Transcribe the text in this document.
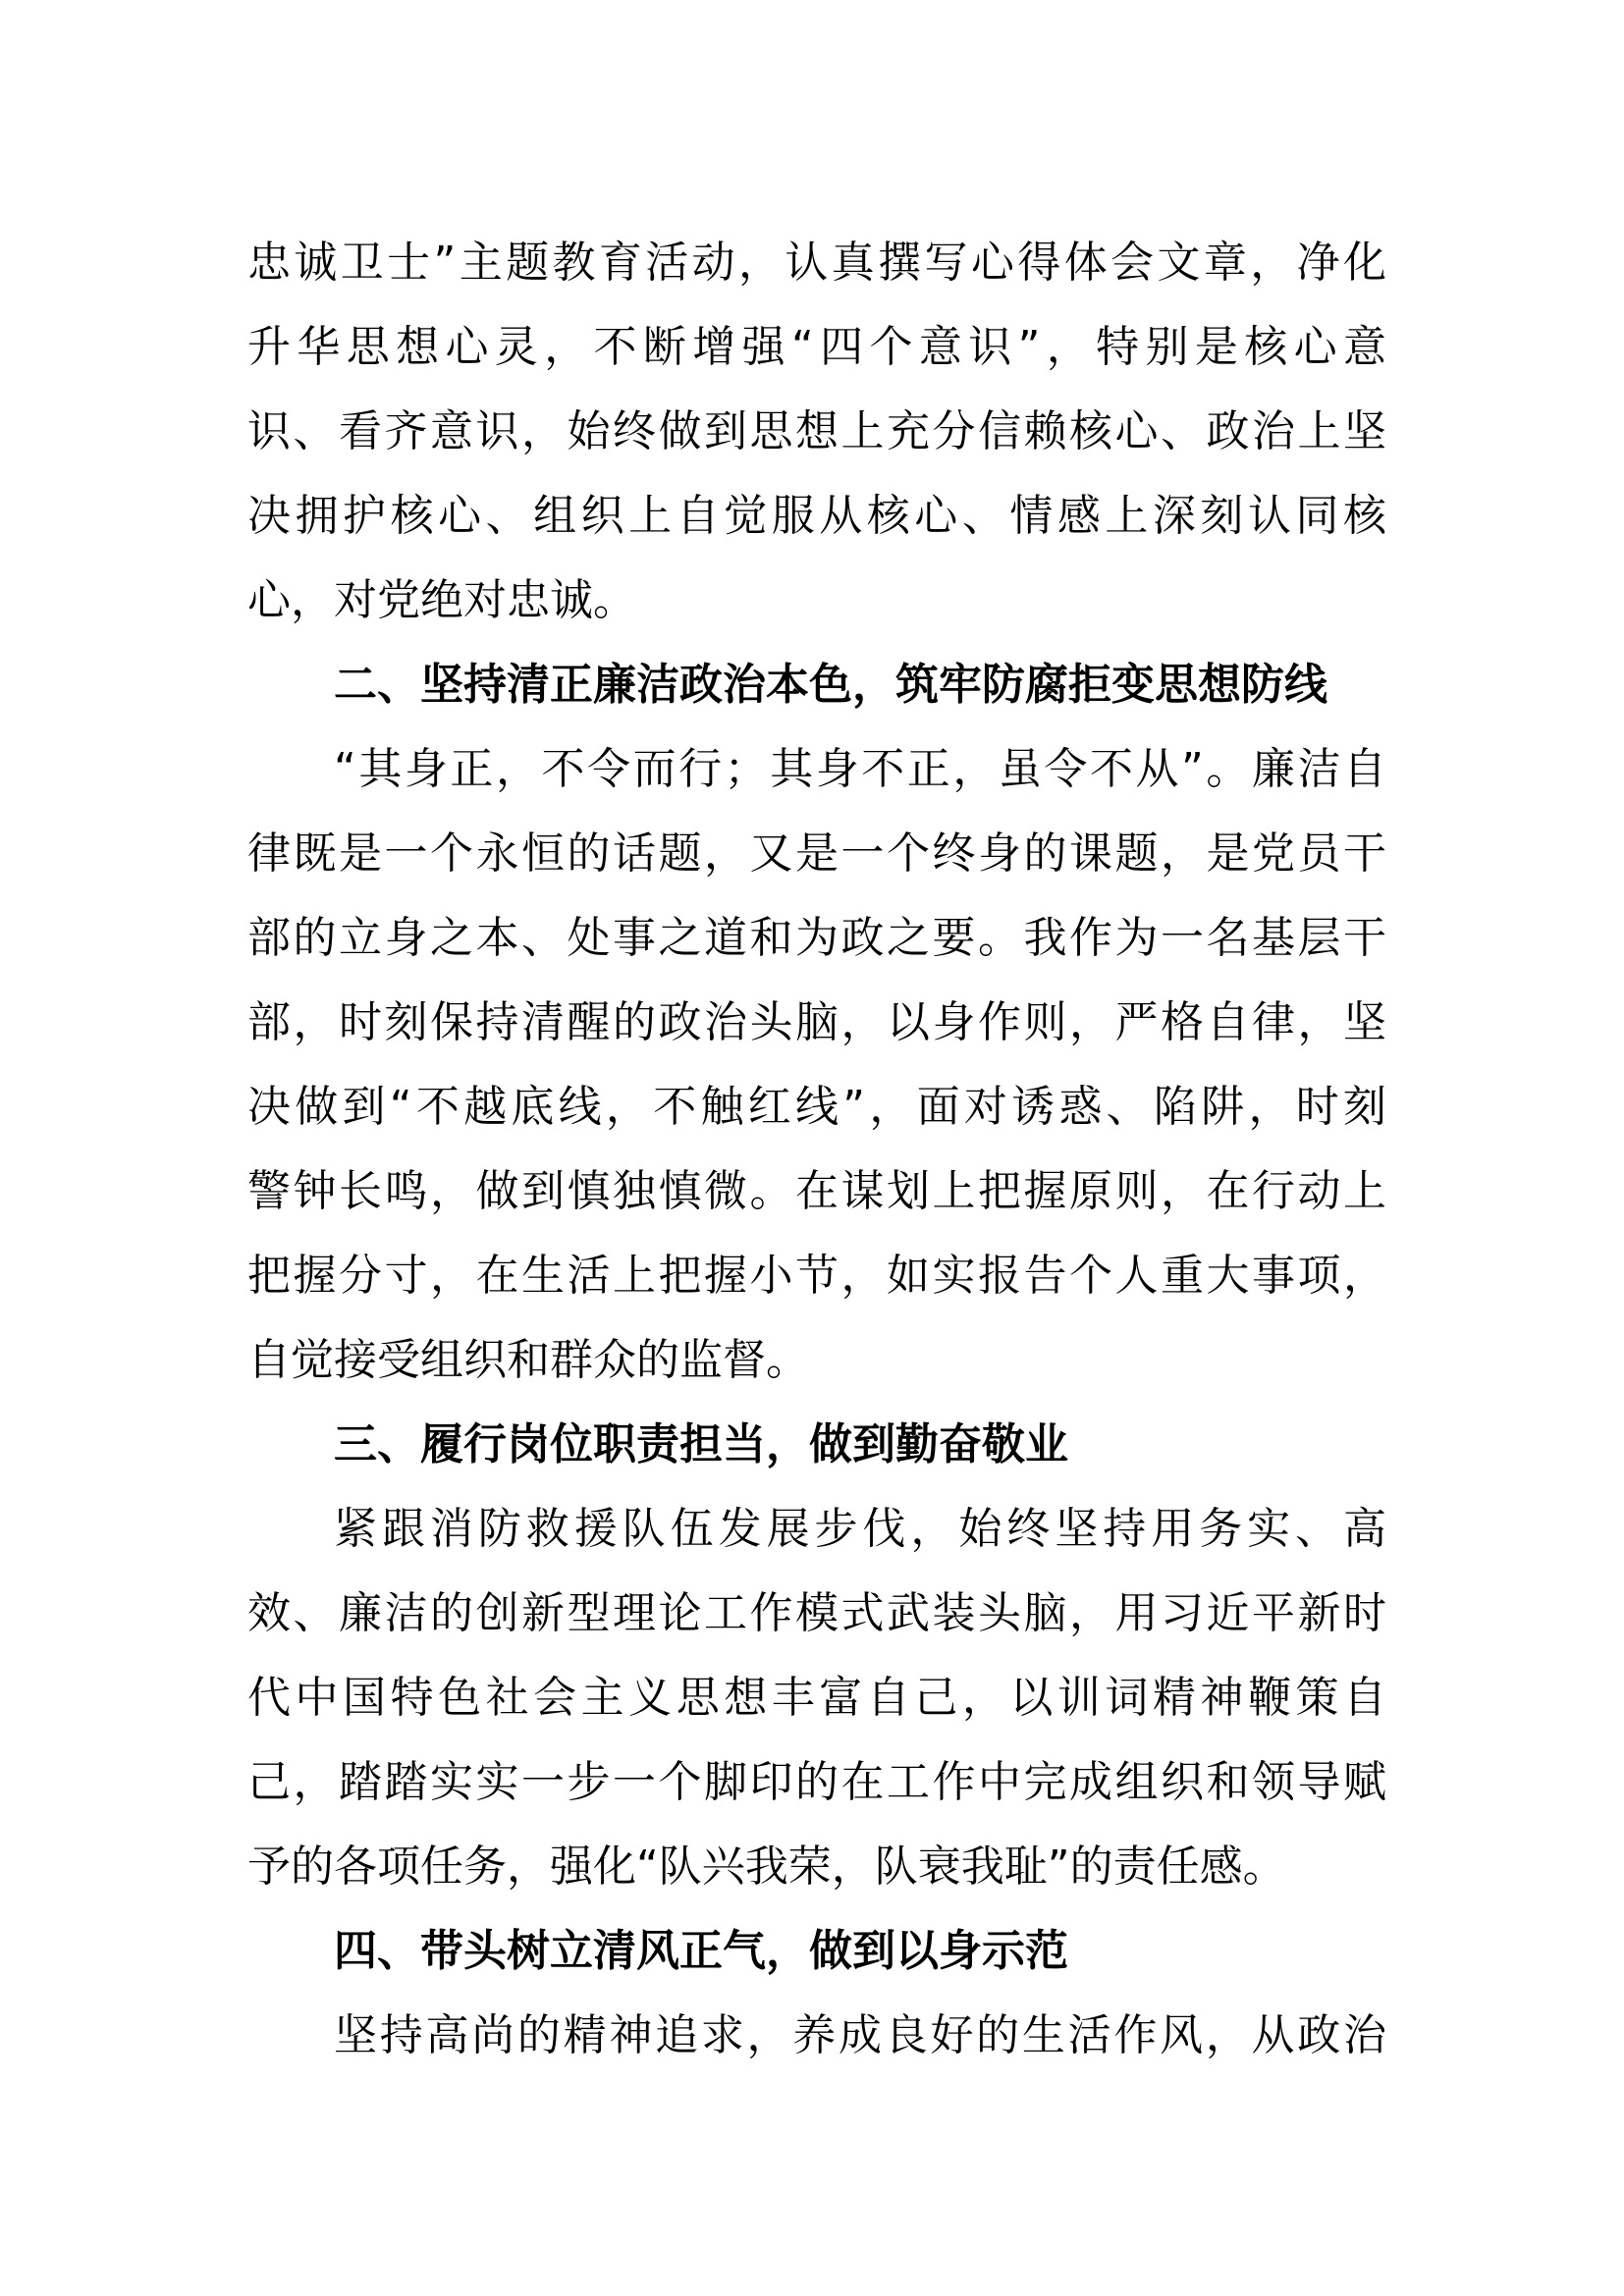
忠诚卫士”主题教育活动，认真撰写心得体会文章，净化
升华思想心灵，不断增强“四个意识”，特别是核心意
识、看齐意识，始终做到思想上充分信赖核心、政治上坚
决拥护核心、组织上自觉服从核心、情感上深刻认同核
心，对党绝对忠诚。
二、坚持清正廉洁政治本色，筑牢防腐拒变思想防线
“其身正，不令而行；其身不正，虽令不从”。廉洁自
律既是一个永恒的话题，又是一个终身的课题，是党员干
部的立身之本、处事之道和为政之要。我作为一名基层干
部，时刻保持清醒的政治头脑，以身作则，严格自律，坚
决做到“不越底线，不触红线”，面对诱惑、陷阱，时刻
警钟长鸣，做到慎独慎微。在谋划上把握原则，在行动上
把握分寸，在生活上把握小节，如实报告个人重大事项，
自觉接受组织和群众的监督。
三、履行岗位职责担当，做到勤奋敬业
紧跟消防救援队伍发展步伐，始终坚持用务实、高
效、廉洁的创新型理论工作模式武装头脑，用习近平新时
代中国特色社会主义思想丰富自己，以训词精神鞭策自
己，踏踏实实一步一个脚印的在工作中完成组织和领导赋
予的各项任务，强化“队兴我荣，队衰我耻”的责任感。
四、带头树立清风正气，做到以身示范
坚持高尚的精神追求，养成良好的生活作风，从政治
